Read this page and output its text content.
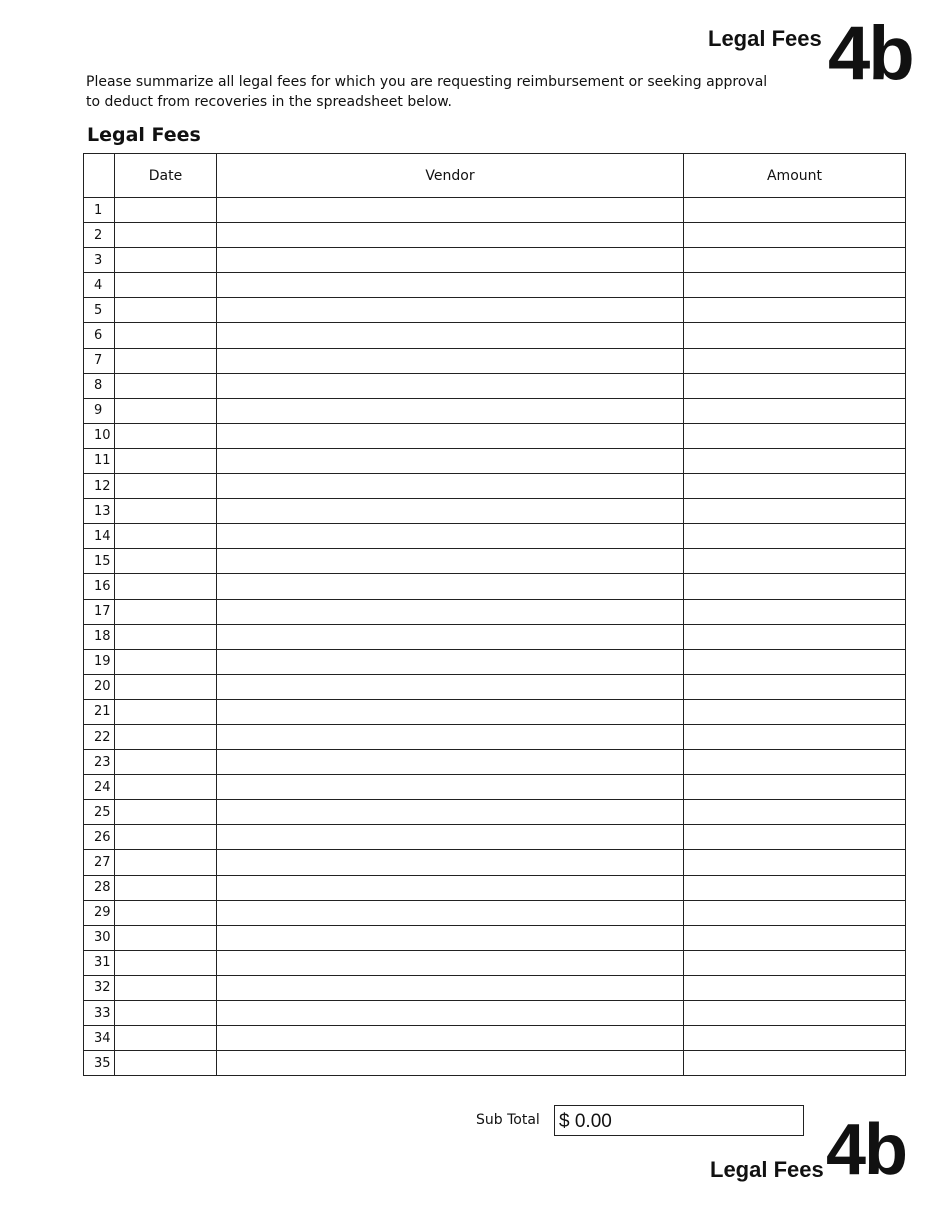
Legal Fees 4b
Please summarize all legal fees for which you are requesting reimbursement or seeking approval
to deduct from recoveries in the spreadsheet below.
Legal Fees
	Date	Vendor	Amount
1			
2			
3			
4			
5			
6			
7			
8			
9			
10			
11			
12			
13			
14			
15			
16			
17			
18			
19			
20			
21			
22			
23			
24			
25			
26			
27			
28			
29			
30			
31			
32			
33			
34			
35			
Sub Total $ 0.00
Legal Fees 4b
